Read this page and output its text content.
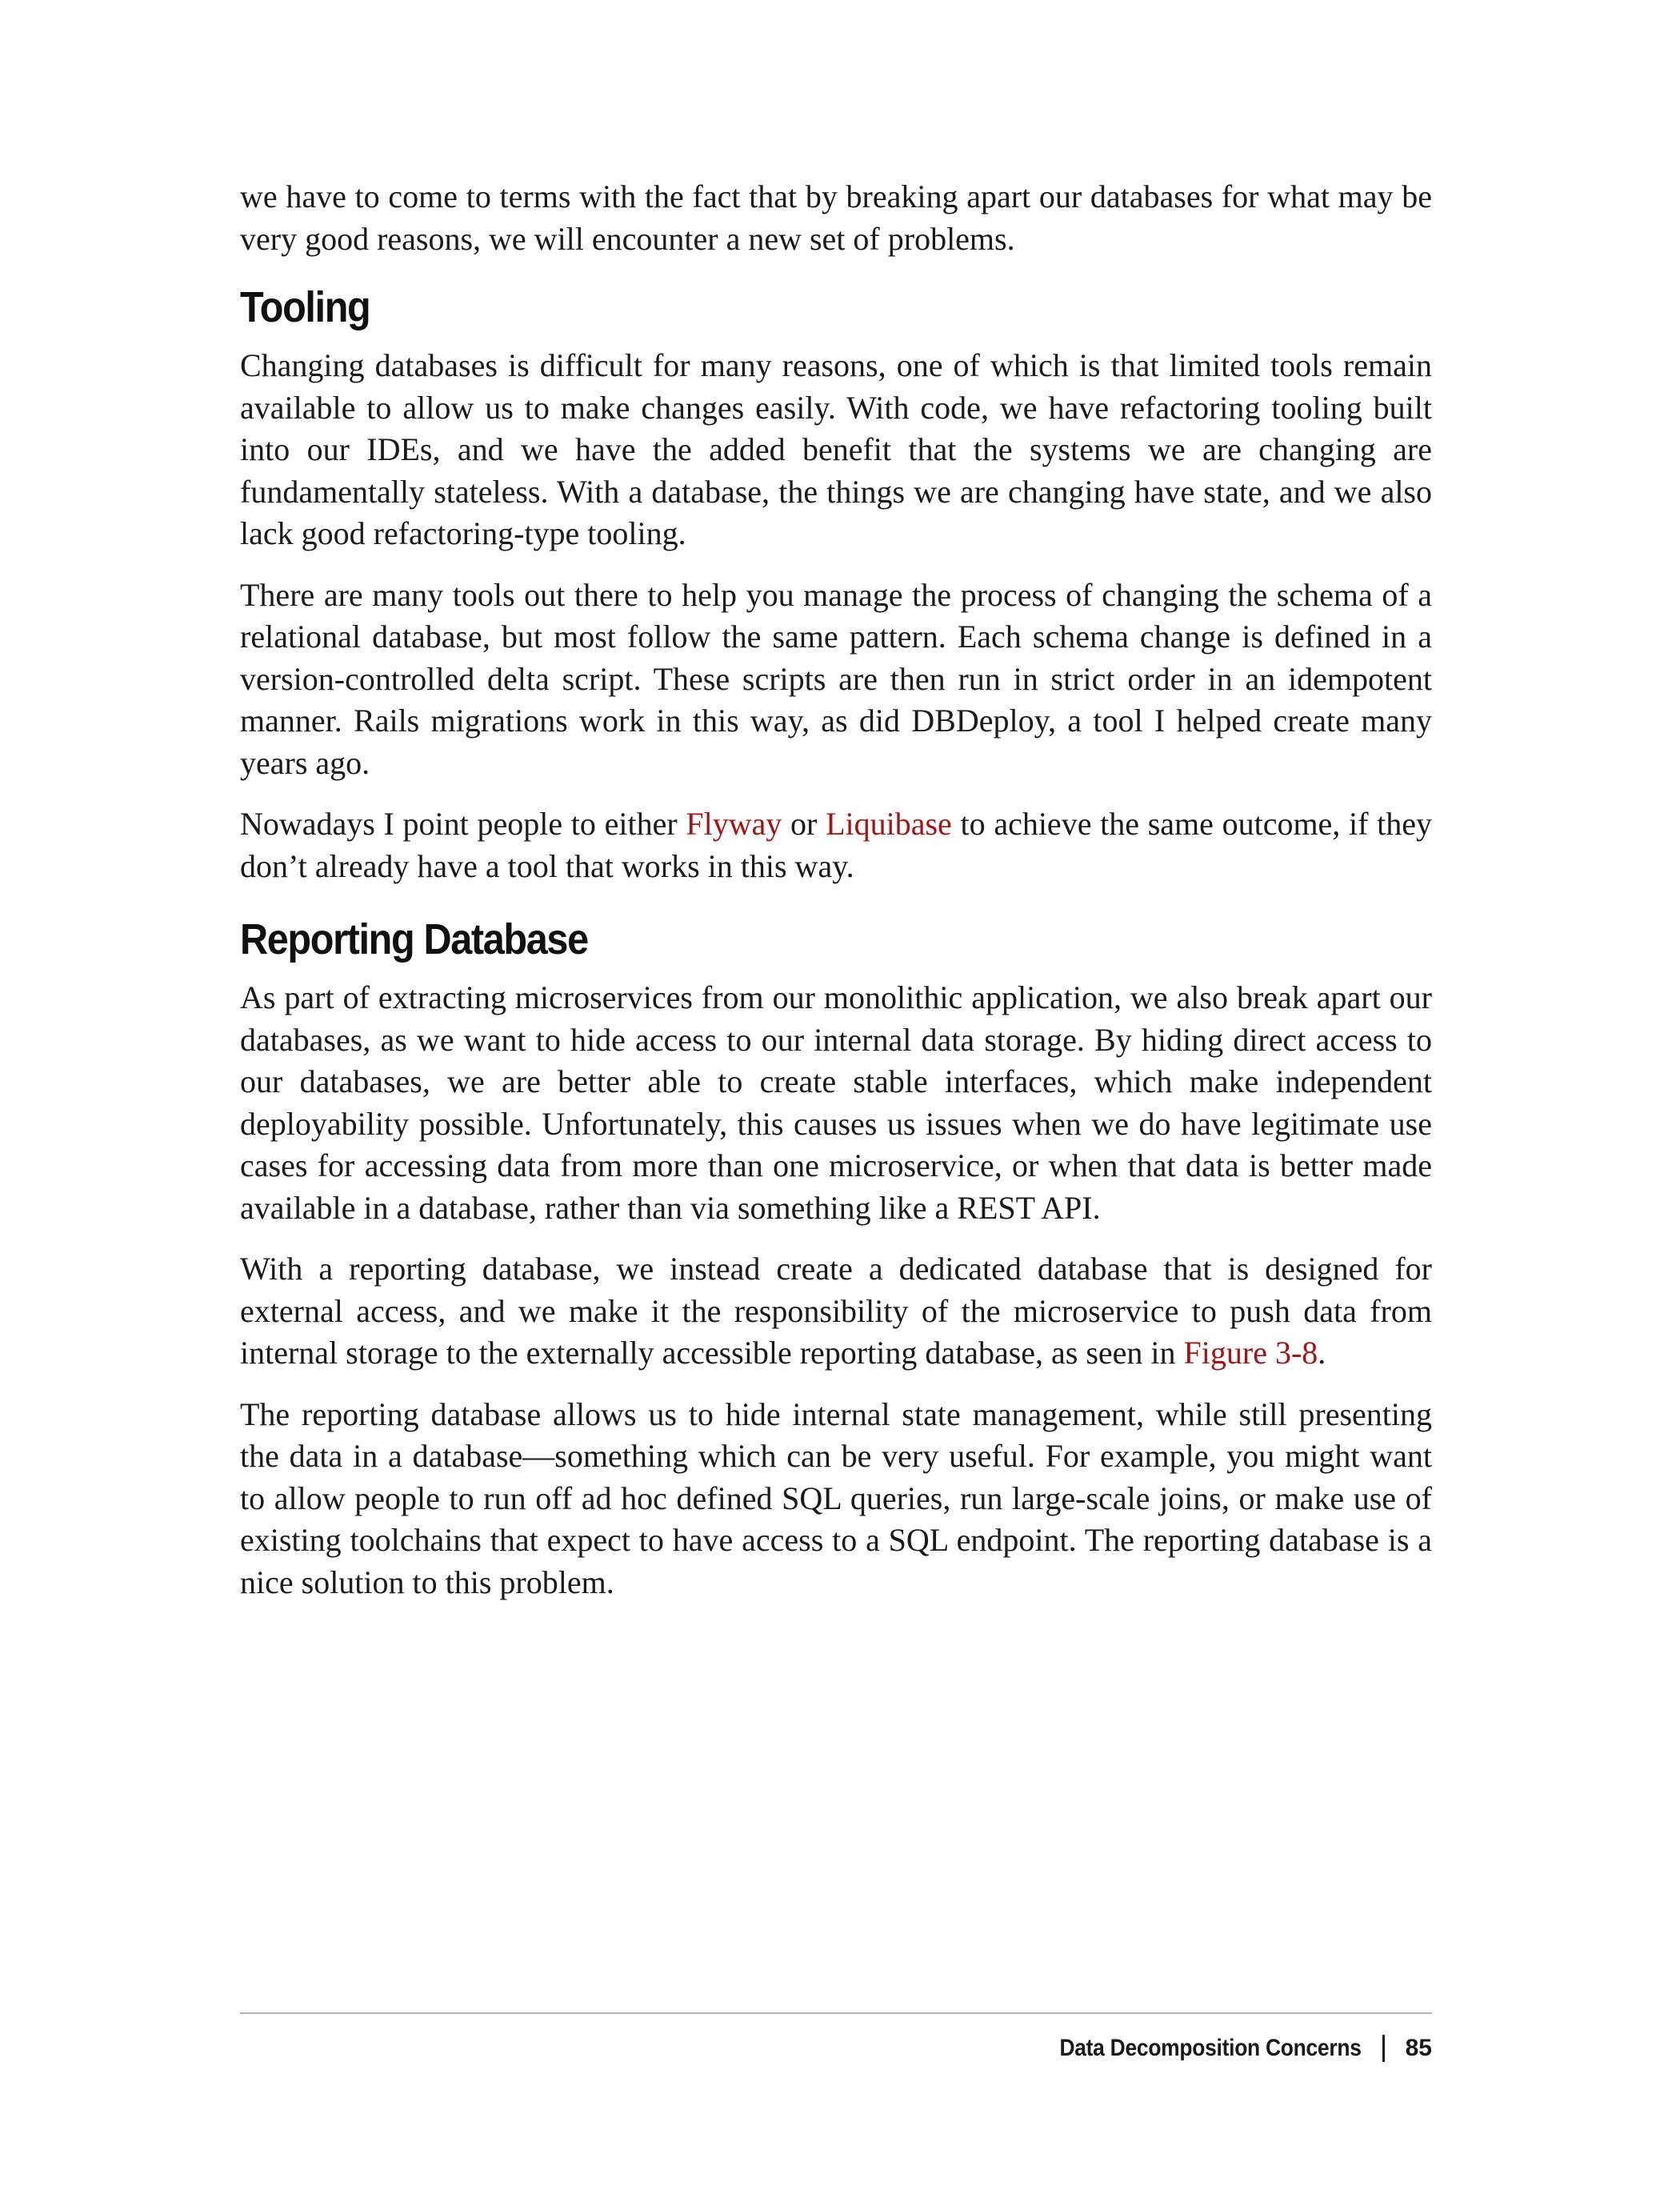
we have to come to terms with the fact that by breaking apart our databases for what may be very good reasons, we will encounter a new set of problems.

Tooling

Changing databases is difficult for many reasons, one of which is that limited tools remain available to allow us to make changes easily. With code, we have refactoring tooling built into our IDEs, and we have the added benefit that the systems we are changing are fundamentally stateless. With a database, the things we are changing have state, and we also lack good refactoring-type tooling.

There are many tools out there to help you manage the process of changing the schema of a relational database, but most follow the same pattern. Each schema change is defined in a version-controlled delta script. These scripts are then run in strict order in an idempotent manner. Rails migrations work in this way, as did DBDeploy, a tool I helped create many years ago.

Nowadays I point people to either Flyway or Liquibase to achieve the same outcome, if they don’t already have a tool that works in this way.

Reporting Database

As part of extracting microservices from our monolithic application, we also break apart our databases, as we want to hide access to our internal data storage. By hiding direct access to our databases, we are better able to create stable interfaces, which make independent deployability possible. Unfortunately, this causes us issues when we do have legitimate use cases for accessing data from more than one microservice, or when that data is better made available in a database, rather than via something like a REST API.

With a reporting database, we instead create a dedicated database that is designed for external access, and we make it the responsibility of the microservice to push data from internal storage to the externally accessible reporting database, as seen in Figure 3-8.

The reporting database allows us to hide internal state management, while still presenting the data in a database—something which can be very useful. For example, you might want to allow people to run off ad hoc defined SQL queries, run large-scale joins, or make use of existing toolchains that expect to have access to a SQL endpoint. The reporting database is a nice solution to this problem.

Data Decomposition Concerns 85
